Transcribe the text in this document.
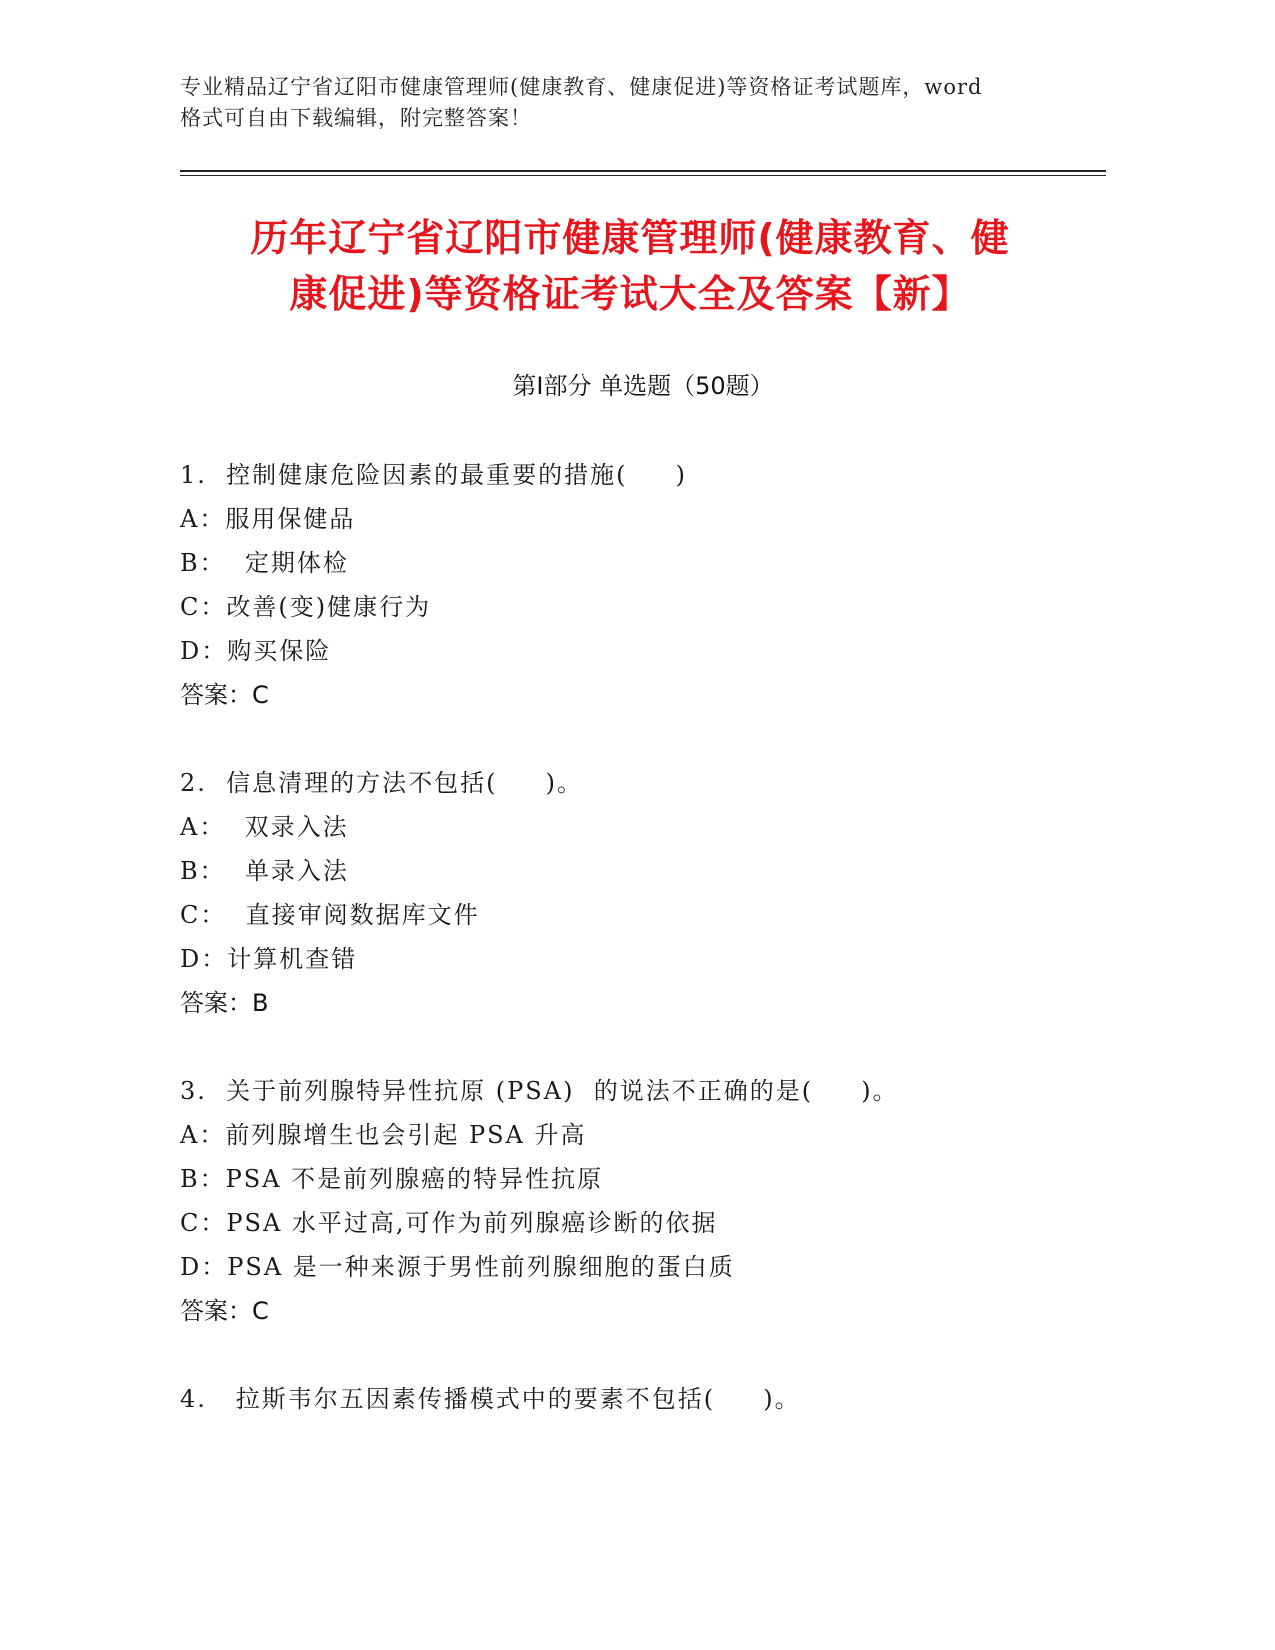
专业精品辽宁省辽阳市健康管理师(健康教育、健康促进)等资格证考试题库，word
格式可自由下载编辑，附完整答案！
历年辽宁省辽阳市健康管理师(健康教育、健
康促进)等资格证考试大全及答案【新】
第Ⅰ部分 单选题（50题）
1.  控制健康危险因素的最重要的措施(     )
A：服用保健品
B：  定期体检
C：改善(变)健康行为
D：购买保险
答案：C
2.  信息清理的方法不包括(     )。
A：  双录入法
B：  单录入法
C：  直接审阅数据库文件
D：计算机查错
答案：B
3.  关于前列腺特异性抗原 (PSA)  的说法不正确的是(     )。
A：前列腺增生也会引起 PSA 升高
B：PSA 不是前列腺癌的特异性抗原
C：PSA 水平过高,可作为前列腺癌诊断的依据
D：PSA 是一种来源于男性前列腺细胞的蛋白质
答案：C
4.   拉斯韦尔五因素传播模式中的要素不包括(     )。
